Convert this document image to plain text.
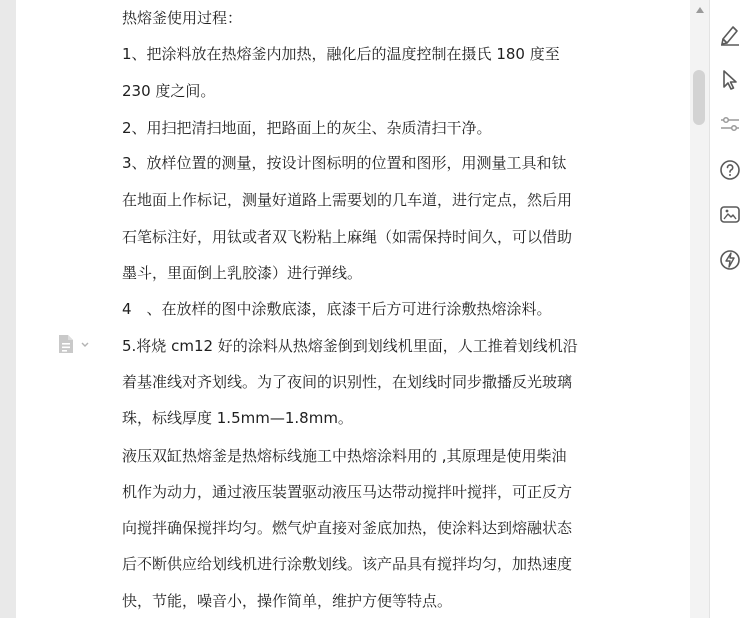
热熔釜使用过程：
1、把涂料放在热熔釜内加热，融化后的温度控制在摄氏 180 度至
230 度之间。
2、用扫把清扫地面，把路面上的灰尘、杂质清扫干净。
3、放样位置的测量，按设计图标明的位置和图形，用测量工具和钛
在地面上作标记，测量好道路上需要划的几车道，进行定点，然后用
石笔标注好，用钛或者双飞粉粘上麻绳（如需保持时间久，可以借助
墨斗，里面倒上乳胶漆）进行弹线。
4　、在放样的图中涂敷底漆，底漆干后方可进行涂敷热熔涂料。
5.将烧 cm12 好的涂料从热熔釜倒到划线机里面，人工推着划线机沿
着基准线对齐划线。为了夜间的识别性，在划线时同步撒播反光玻璃
珠，标线厚度 1.5mm—1.8mm。
液压双缸热熔釜是热熔标线施工中热熔涂料用的 ,其原理是使用柴油
机作为动力，通过液压装置驱动液压马达带动搅拌叶搅拌，可正反方
向搅拌确保搅拌均匀。燃气炉直接对釜底加热，使涂料达到熔融状态
后不断供应给划线机进行涂敷划线。该产品具有搅拌均匀，加热速度
快，节能，噪音小，操作简单，维护方便等特点。
